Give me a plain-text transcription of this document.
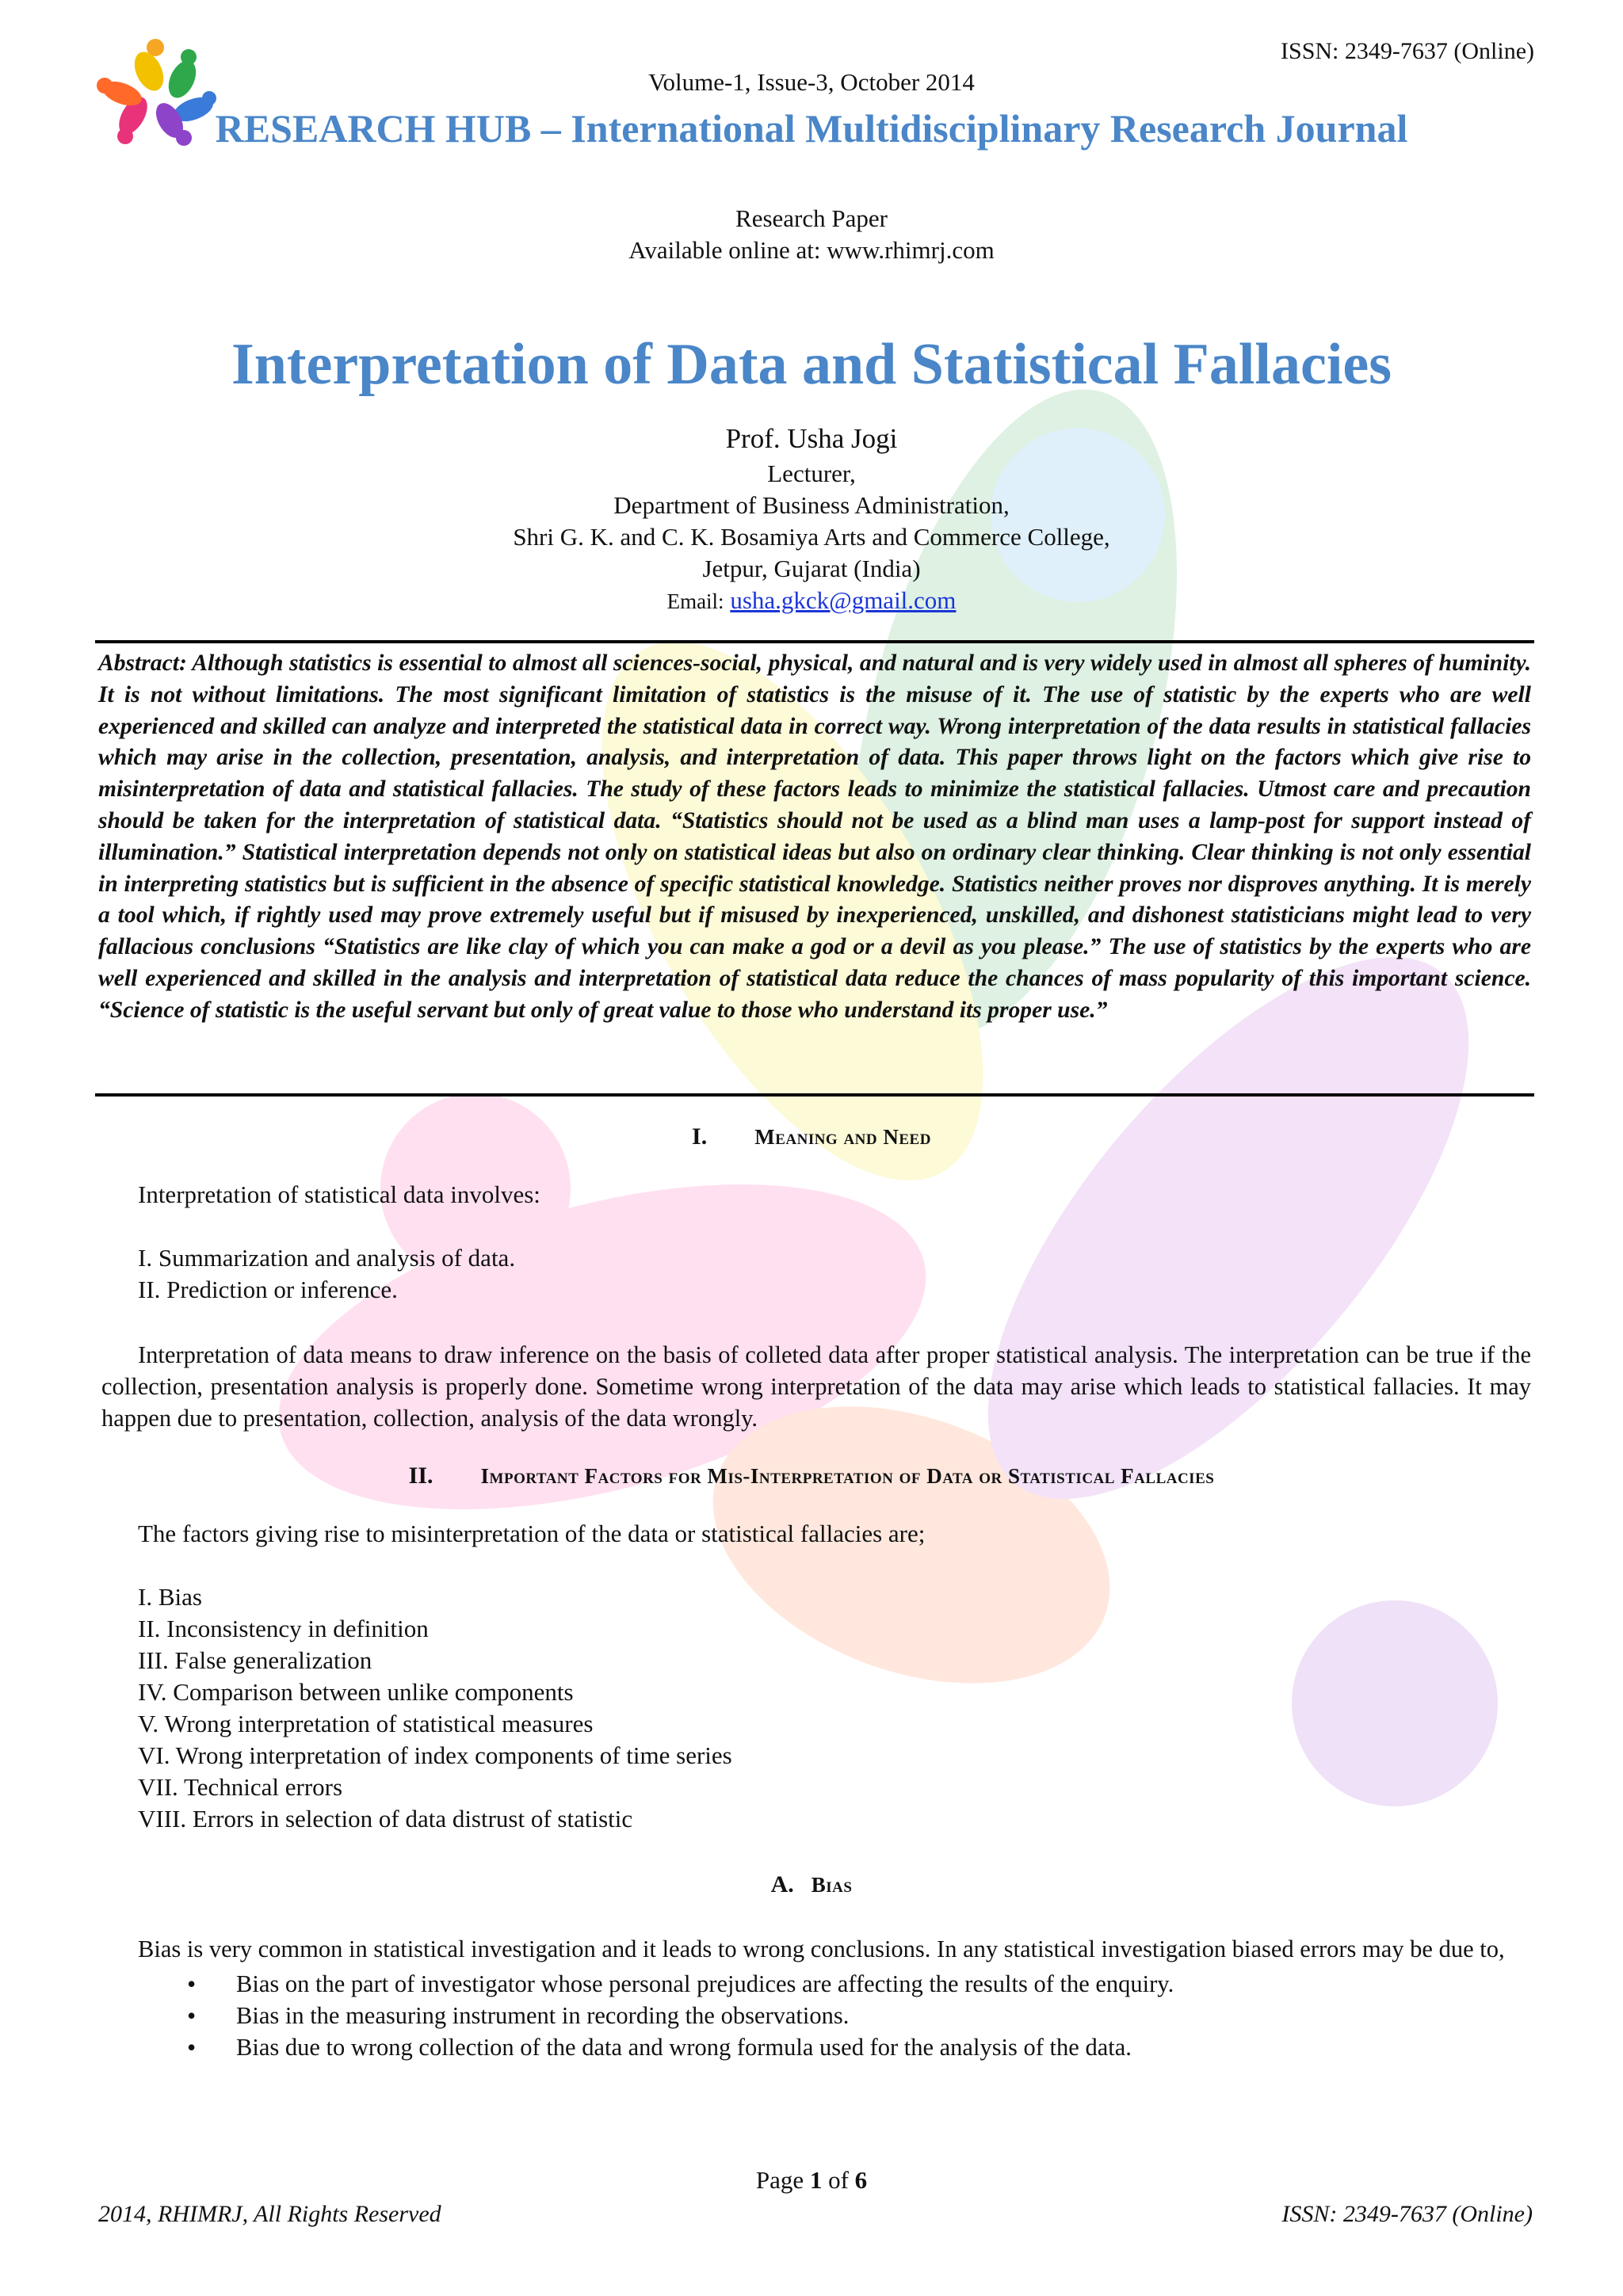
ISSN: 2349-7637 (Online)
Volume-1, Issue-3, October 2014
RESEARCH HUB – International Multidisciplinary Research Journal
Research Paper
Available online at: www.rhimrj.com
Interpretation of Data and Statistical Fallacies
Prof. Usha Jogi
Lecturer,
Department of Business Administration,
Shri G. K. and C. K. Bosamiya Arts and Commerce College,
Jetpur, Gujarat (India)
Email: usha.gkck@gmail.com
Abstract: Although statistics is essential to almost all sciences-social, physical, and natural and is very widely used in almost all spheres of huminity. It is not without limitations. The most significant limitation of statistics is the misuse of it. The use of statistic by the experts who are well experienced and skilled can analyze and interpreted the statistical data in correct way. Wrong interpretation of the data results in statistical fallacies which may arise in the collection, presentation, analysis, and interpretation of data. This paper throws light on the factors which give rise to misinterpretation of data and statistical fallacies. The study of these factors leads to minimize the statistical fallacies. Utmost care and precaution should be taken for the interpretation of statistical data. “Statistics should not be used as a blind man uses a lamp-post for support instead of illumination.” Statistical interpretation depends not only on statistical ideas but also on ordinary clear thinking. Clear thinking is not only essential in interpreting statistics but is sufficient in the absence of specific statistical knowledge. Statistics neither proves nor disproves anything. It is merely a tool which, if rightly used may prove extremely useful but if misused by inexperienced, unskilled, and dishonest statisticians might lead to very fallacious conclusions “Statistics are like clay of which you can make a god or a devil as you please.” The use of statistics by the experts who are well experienced and skilled in the analysis and interpretation of statistical data reduce the chances of mass popularity of this important science. “Science of statistic is the useful servant but only of great value to those who understand its proper use.”
I. Meaning and Need
Interpretation of statistical data involves:
I. Summarization and analysis of data.
II. Prediction or inference.
Interpretation of data means to draw inference on the basis of colleted data after proper statistical analysis. The interpretation can be true if the collection, presentation analysis is properly done. Sometime wrong interpretation of the data may arise which leads to statistical fallacies. It may happen due to presentation, collection, analysis of the data wrongly.
II. Important Factors for Mis-Interpretation of Data or Statistical Fallacies
The factors giving rise to misinterpretation of the data or statistical fallacies are;
I. Bias
II. Inconsistency in definition
III. False generalization
IV. Comparison between unlike components
V. Wrong interpretation of statistical measures
VI. Wrong interpretation of index components of time series
VII. Technical errors
VIII. Errors in selection of data distrust of statistic
A. Bias
Bias is very common in statistical investigation and it leads to wrong conclusions. In any statistical investigation biased errors may be due to,
• Bias on the part of investigator whose personal prejudices are affecting the results of the enquiry.
• Bias in the measuring instrument in recording the observations.
• Bias due to wrong collection of the data and wrong formula used for the analysis of the data.
Page 1 of 6
2014, RHIMRJ, All Rights Reserved	ISSN: 2349-7637 (Online)
